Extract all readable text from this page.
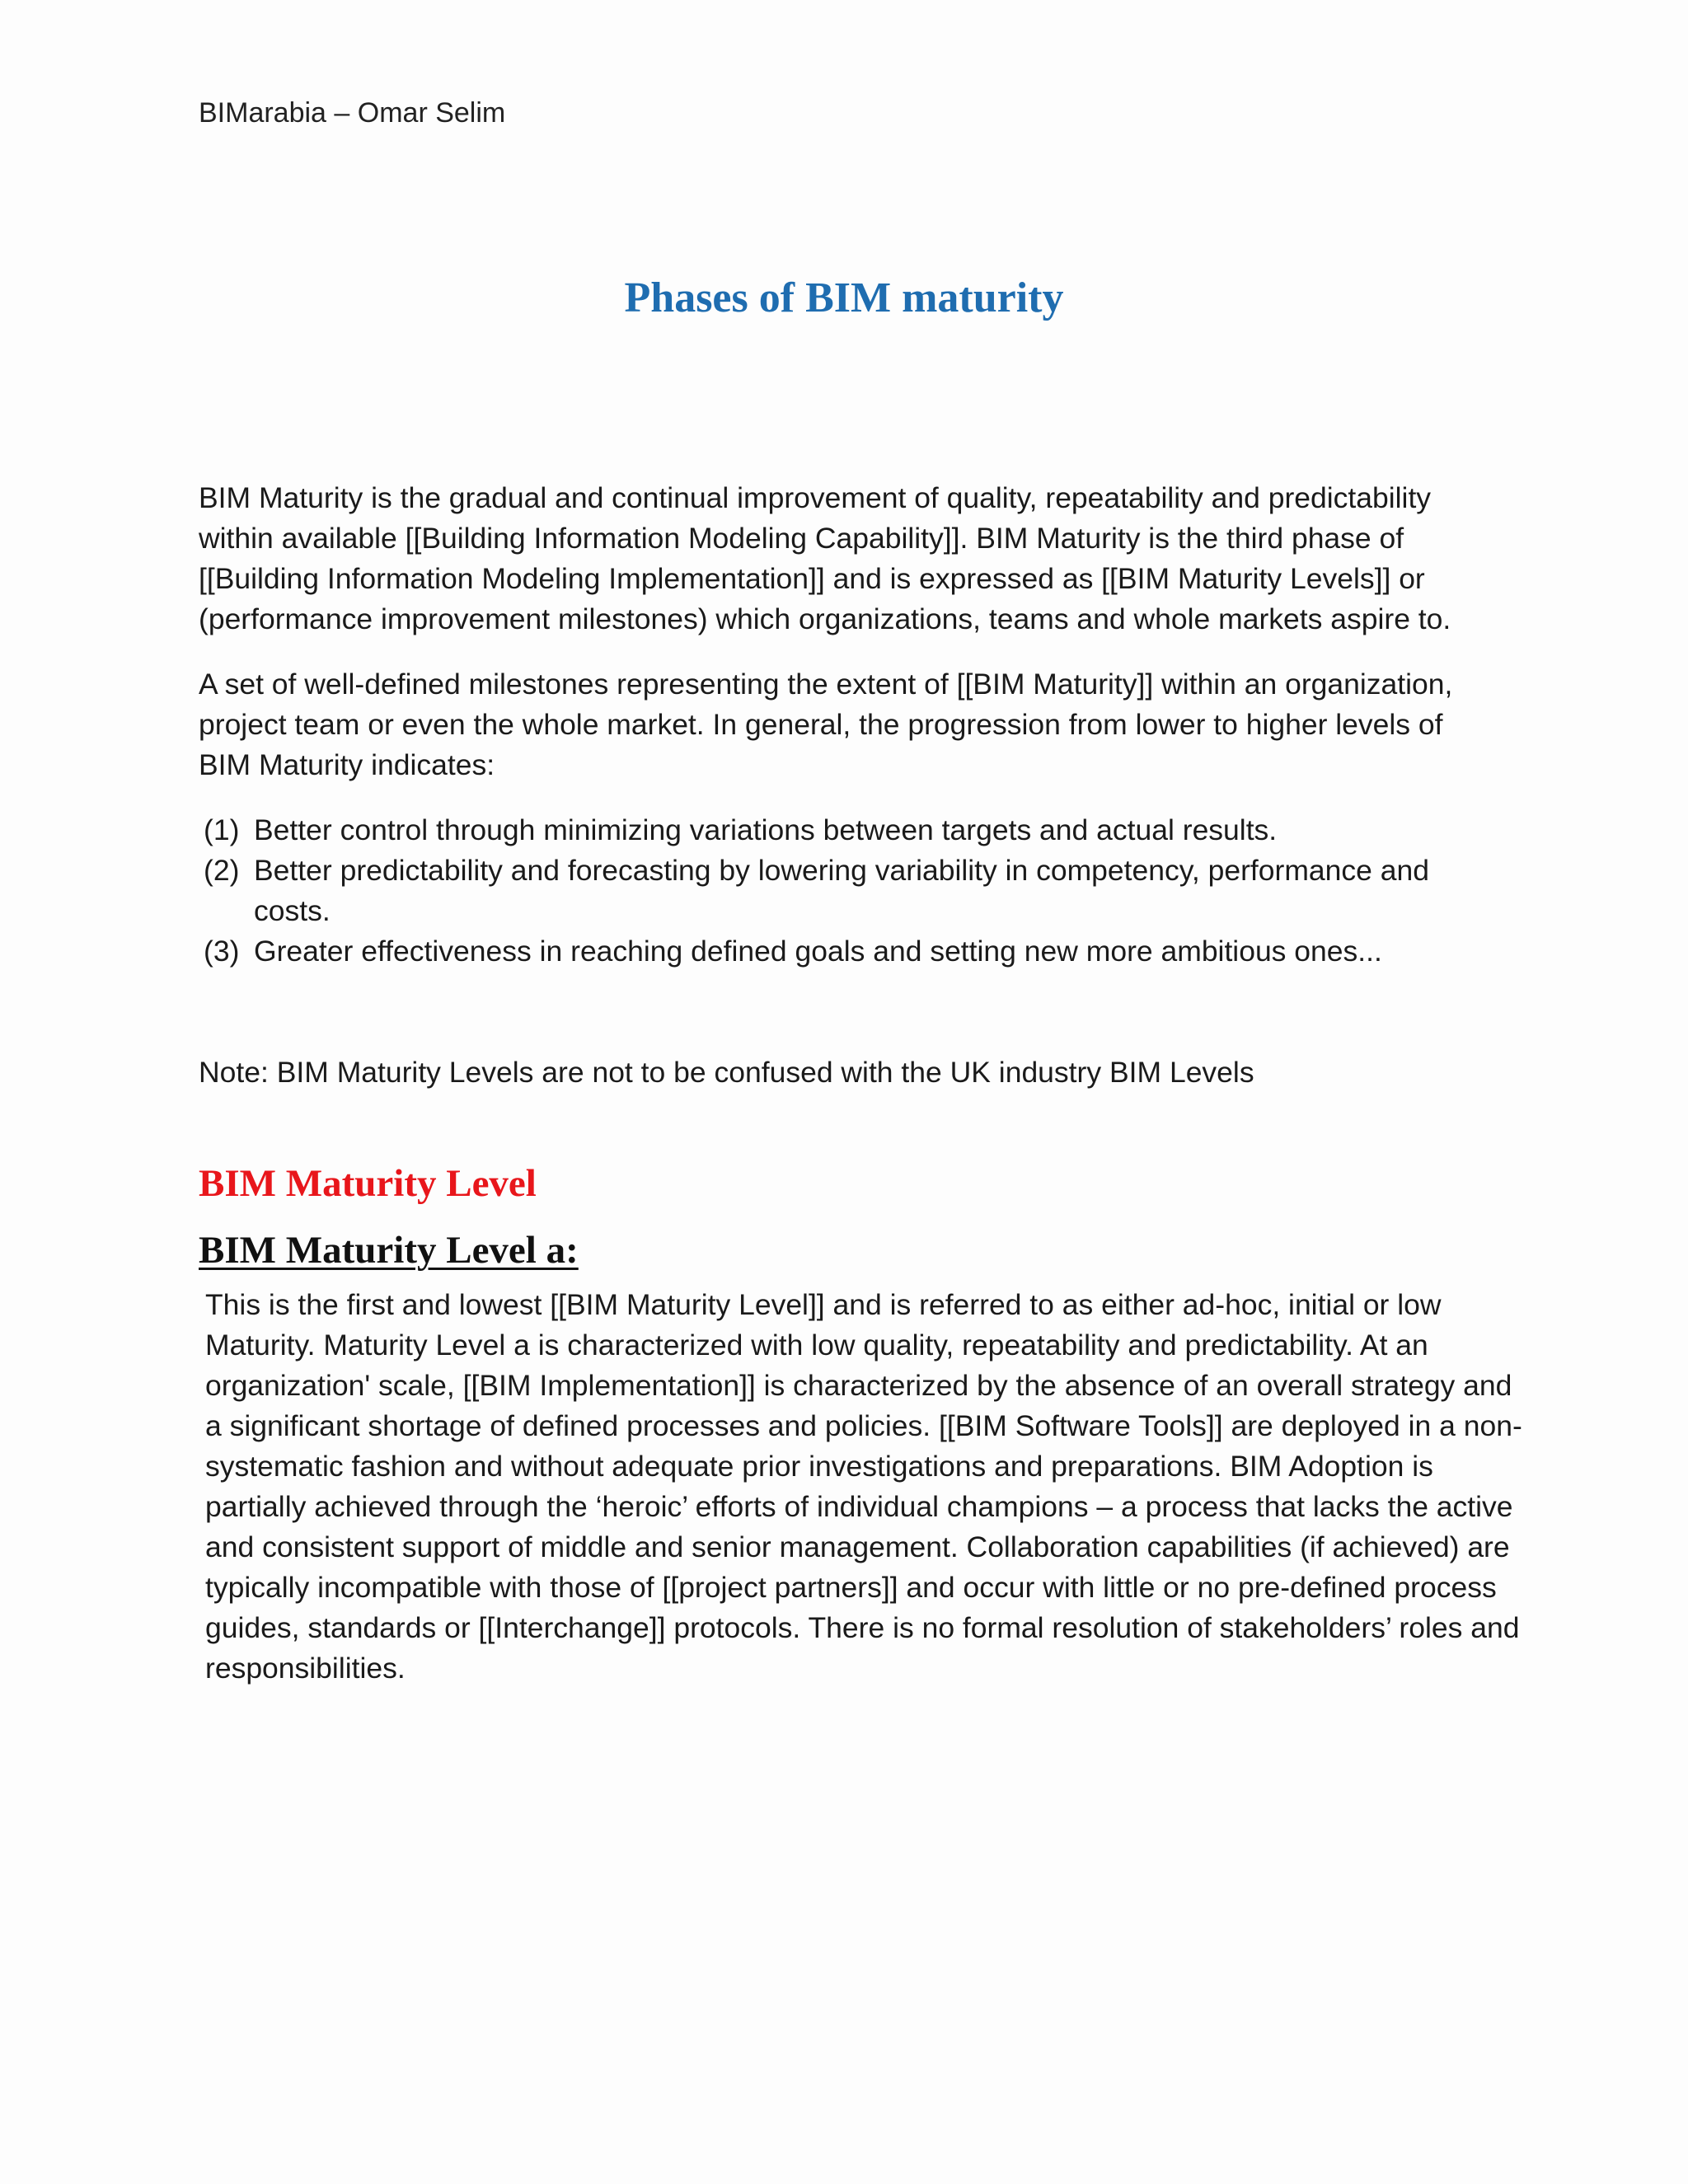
BIMarabia – Omar Selim
Phases of BIM maturity

BIM Maturity is the gradual and continual improvement of quality, repeatability and predictability within available [[Building Information Modeling Capability]]. BIM Maturity is the third phase of [[Building Information Modeling Implementation]] and is expressed as [[BIM Maturity Levels]] or (performance improvement milestones) which organizations, teams and whole markets aspire to.

A set of well-defined milestones representing the extent of [[BIM Maturity]] within an organization, project team or even the whole market. In general, the progression from lower to higher levels of BIM Maturity indicates:

(1) Better control through minimizing variations between targets and actual results.
(2) Better predictability and forecasting by lowering variability in competency, performance and costs.
(3) Greater effectiveness in reaching defined goals and setting new more ambitious ones...

Note: BIM Maturity Levels are not to be confused with the UK industry BIM Levels

BIM Maturity Level
BIM Maturity Level a:

This is the first and lowest [[BIM Maturity Level]] and is referred to as either ad-hoc, initial or low Maturity. Maturity Level a is characterized with low quality, repeatability and predictability. At an organization' scale, [[BIM Implementation]] is characterized by the absence of an overall strategy and a significant shortage of defined processes and policies. [[BIM Software Tools]] are deployed in a non-systematic fashion and without adequate prior investigations and preparations. BIM Adoption is partially achieved through the ‘heroic’ efforts of individual champions – a process that lacks the active and consistent support of middle and senior management. Collaboration capabilities (if achieved) are typically incompatible with those of [[project partners]] and occur with little or no pre-defined process guides, standards or [[Interchange]] protocols. There is no formal resolution of stakeholders’ roles and responsibilities.
